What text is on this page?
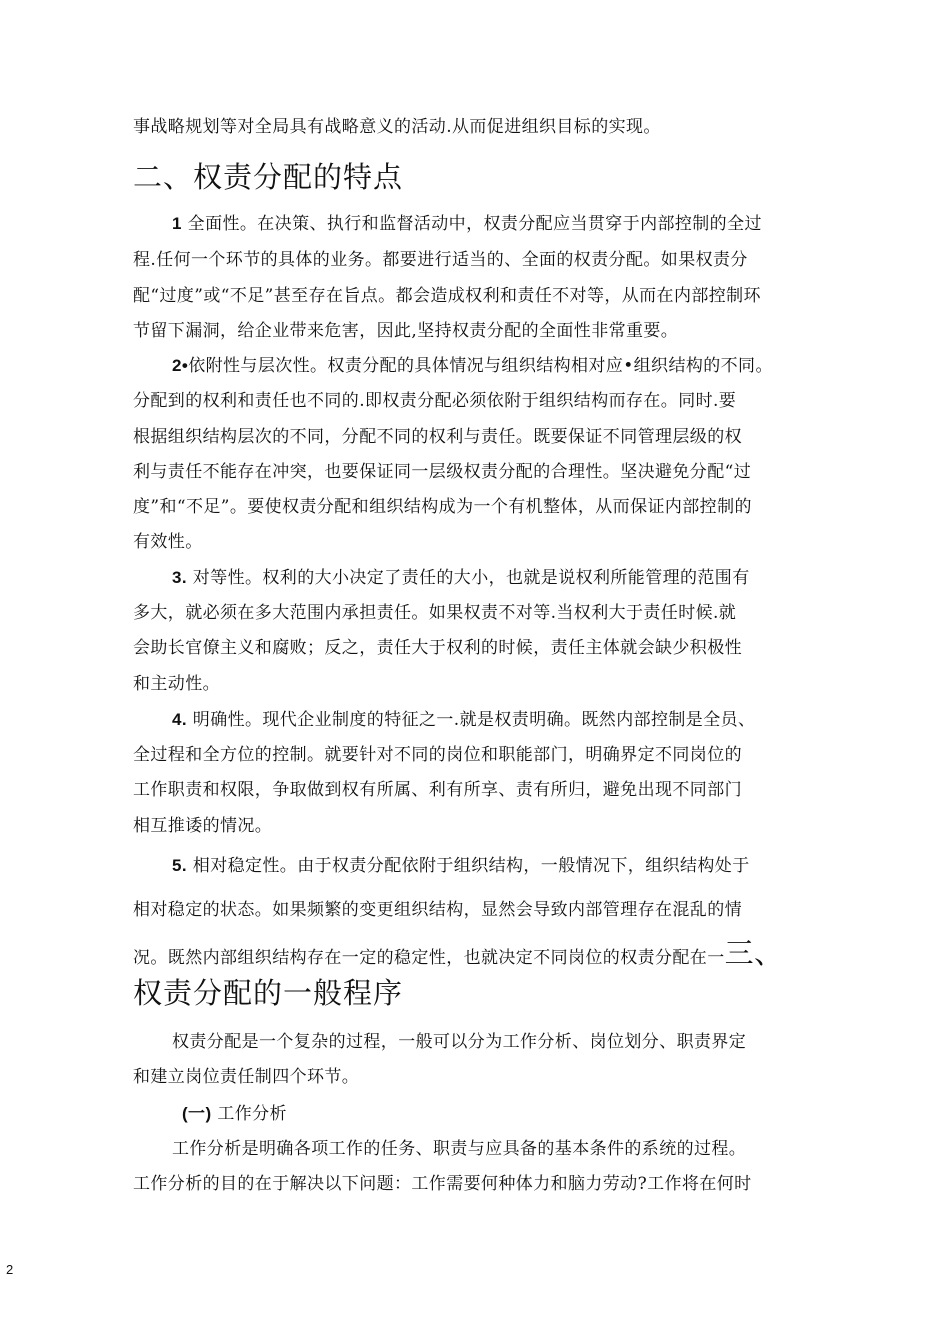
事战略规划等对全局具有战略意义的活动.从而促进组织目标的实现。

二、权责分配的特点

1 全面性。在决策、执行和监督活动中，权责分配应当贯穿于内部控制的全过

程.任何一个环节的具体的业务。都要进行适当的、全面的权责分配。如果权责分

配“过度”或“不足”甚至存在旨点。都会造成权利和责任不对等，从而在内部控制环

节留下漏洞，给企业带来危害，因此,坚持权责分配的全面性非常重要。

2•依附性与层次性。权责分配的具体情况与组织结构相对应•组织结构的不同。

分配到的权利和责任也不同的.即权责分配必须依附于组织结构而存在。同时.要

根据组织结构层次的不同，分配不同的权利与责任。既要保证不同管理层级的权

利与责任不能存在冲突，也要保证同一层级权责分配的合理性。坚决避免分配“过

度”和“不足”。要使权责分配和组织结构成为一个有机整体，从而保证内部控制的

有效性。

3. 对等性。权利的大小决定了责任的大小，也就是说权利所能管理的范围有

多大，就必须在多大范围内承担责任。如果权责不对等.当权利大于责任时候.就

会助长官僚主义和腐败；反之，责任大于权利的时候，责任主体就会缺少积极性

和主动性。

4. 明确性。现代企业制度的特征之一.就是权责明确。既然内部控制是全员、

全过程和全方位的控制。就要针对不同的岗位和职能部门，明确界定不同岗位的

工作职责和权限，争取做到权有所属、利有所享、责有所归，避免出现不同部门

相互推诿的情况。

5. 相对稳定性。由于权责分配依附于组织结构，一般情况下，组织结构处于

相对稳定的状态。如果频繁的变更组织结构，显然会导致内部管理存在混乱的情

况。既然内部组织结构存在一定的稳定性，也就决定不同岗位的权责分配在一三、

权责分配的一般程序

权责分配是一个复杂的过程，一般可以分为工作分析、岗位划分、职责界定

和建立岗位责任制四个环节。

(一) 工作分析

工作分析是明确各项工作的任务、职责与应具备的基本条件的系统的过程。

工作分析的目的在于解决以下问题：工作需要何种体力和脑力劳动?工作将在何时

2
